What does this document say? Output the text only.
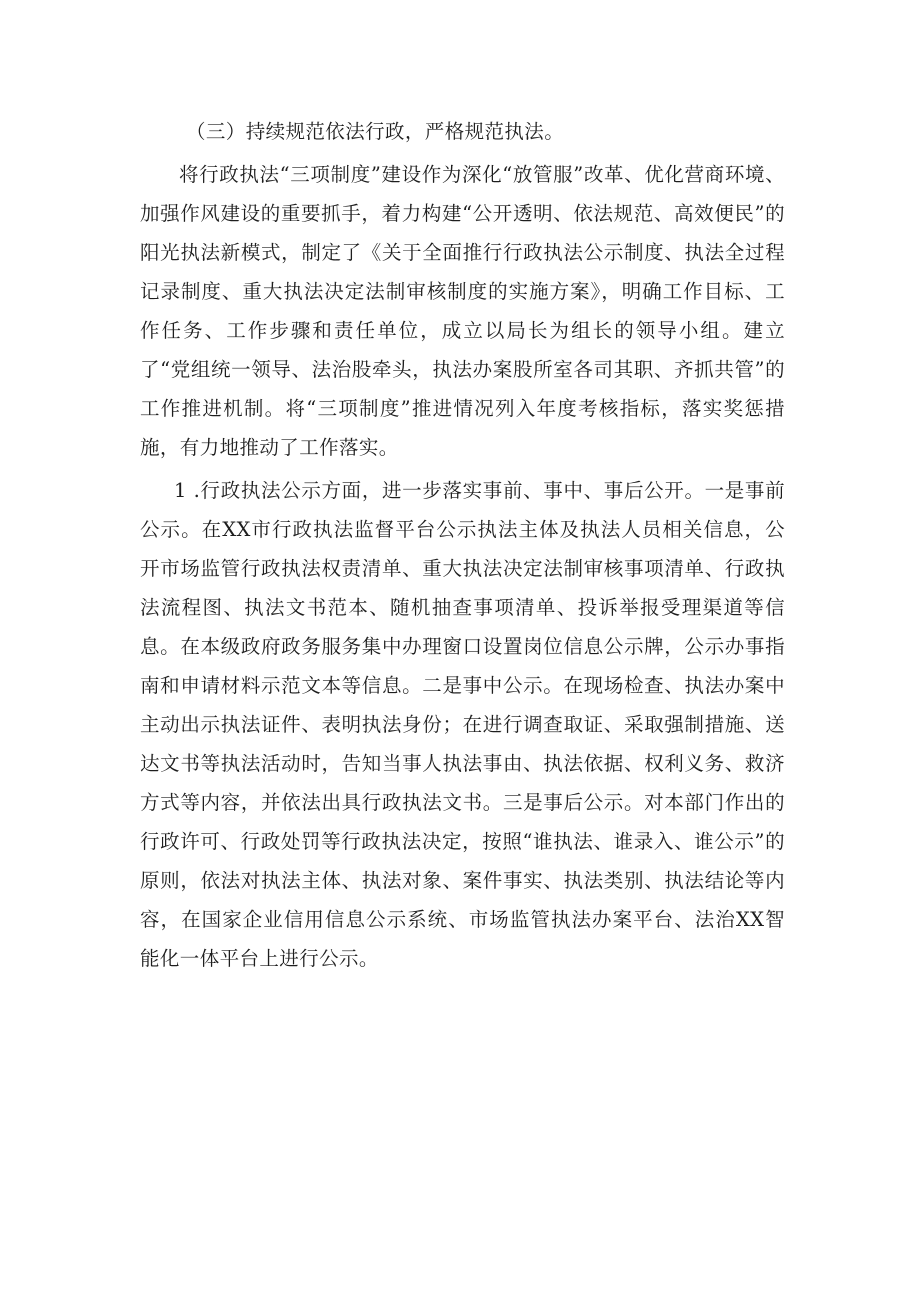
（三）持续规范依法行政，严格规范执法。

将行政执法“三项制度”建设作为深化“放管服”改革、优化营商环境、加强作风建设的重要抓手，着力构建“公开透明、依法规范、高效便民”的阳光执法新模式，制定了《关于全面推行行政执法公示制度、执法全过程记录制度、重大执法决定法制审核制度的实施方案》，明确工作目标、工作任务、工作步骤和责任单位，成立以局长为组长的领导小组。建立了“党组统一领导、法治股牵头，执法办案股所室各司其职、齐抓共管”的工作推进机制。将“三项制度”推进情况列入年度考核指标，落实奖惩措施，有力地推动了工作落实。

1 .行政执法公示方面，进一步落实事前、事中、事后公开。一是事前公示。在XX市行政执法监督平台公示执法主体及执法人员相关信息，公开市场监管行政执法权责清单、重大执法决定法制审核事项清单、行政执法流程图、执法文书范本、随机抽查事项清单、投诉举报受理渠道等信息。在本级政府政务服务集中办理窗口设置岗位信息公示牌，公示办事指南和申请材料示范文本等信息。二是事中公示。在现场检查、执法办案中主动出示执法证件、表明执法身份；在进行调查取证、采取强制措施、送达文书等执法活动时，告知当事人执法事由、执法依据、权利义务、救济方式等内容，并依法出具行政执法文书。三是事后公示。对本部门作出的行政许可、行政处罚等行政执法决定，按照“谁执法、谁录入、谁公示”的原则，依法对执法主体、执法对象、案件事实、执法类别、执法结论等内容，在国家企业信用信息公示系统、市场监管执法办案平台、法治XX智能化一体平台上进行公示。
